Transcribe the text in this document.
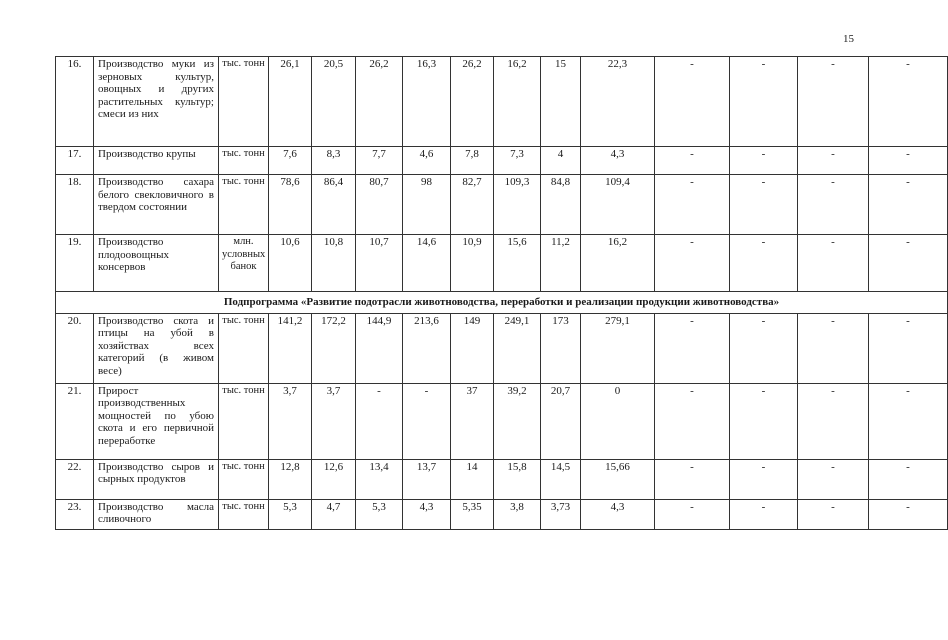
15
16.	Производство муки из зерновых культур, овощных и других растительных культур; смеси из них	тыс. тонн	26,1	20,5	26,2	16,3	26,2	16,2	15	22,3	-	-	-	-
17.	Производство крупы	тыс. тонн	7,6	8,3	7,7	4,6	7,8	7,3	4	4,3	-	-	-	-
18.	Производство сахара белого свекловичного в твердом состоянии	тыс. тонн	78,6	86,4	80,7	98	82,7	109,3	84,8	109,4	-	-	-	-
19.	Производство плодоовощных консервов	млн. условных банок	10,6	10,8	10,7	14,6	10,9	15,6	11,2	16,2	-	-	-	-
Подпрограмма «Развитие подотрасли животноводства, переработки и реализации продукции животноводства»														
20.	Производство скота и птицы на убой в хозяйствах всех категорий (в живом весе)	тыс. тонн	141,2	172,2	144,9	213,6	149	249,1	173	279,1	-	-	-	-
21.	Прирост производственных мощностей по убою скота и его первичной переработке	тыс. тонн	3,7	3,7	-	-	37	39,2	20,7	0	-	-	-	-
22.	Производство сыров и сырных продуктов	тыс. тонн	12,8	12,6	13,4	13,7	14	15,8	14,5	15,66	-	-	-	-
23.	Производство масла сливочного	тыс. тонн	5,3	4,7	5,3	4,3	5,35	3,8	3,73	4,3	-	-	-	-
